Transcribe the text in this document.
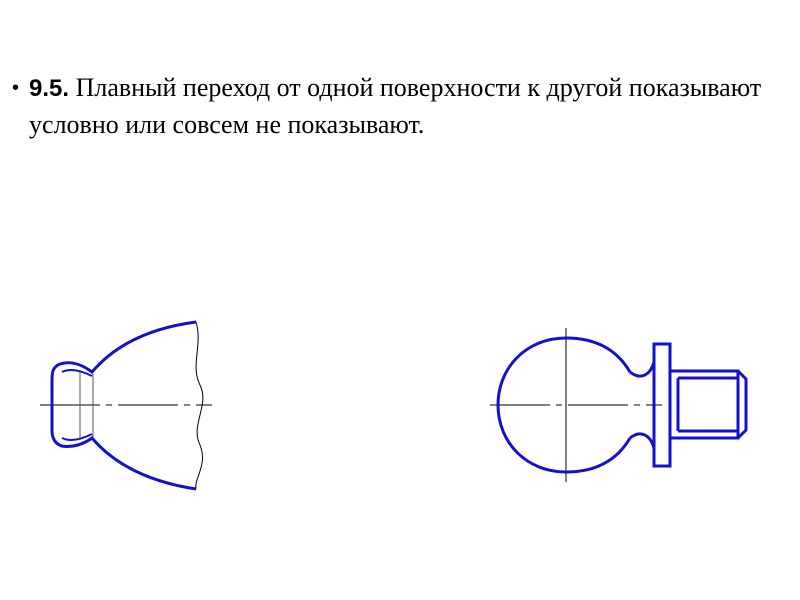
• 9.5. Плавный переход от одной поверхности к другой показывают условно или совсем не показывают.
